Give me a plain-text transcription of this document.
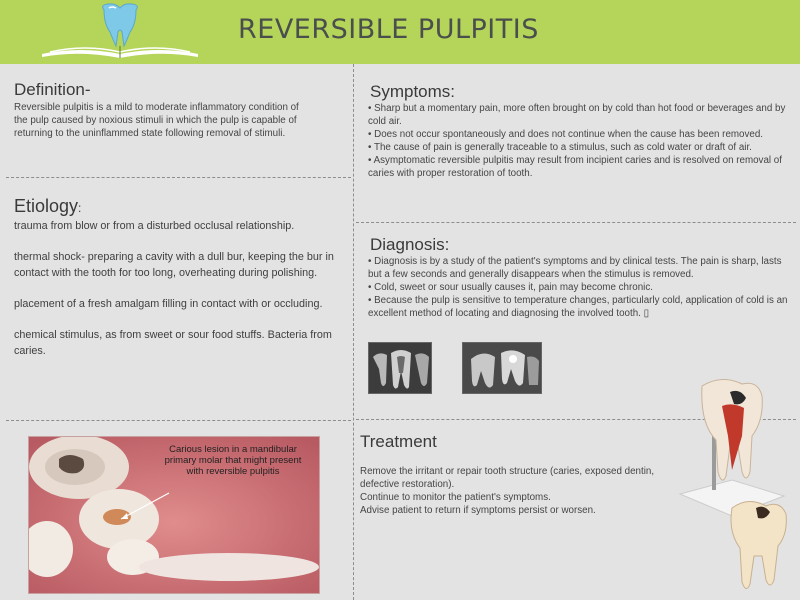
REVERSIBLE PULPITIS
Definition-
Reversible pulpitis is a mild to moderate inflammatory condition of the pulp caused by noxious stimuli in which the pulp is capable of returning to the uninflammed state following removal of stimuli.
Etiology:

trauma from blow or from a disturbed occlusal relationship.

thermal shock- preparing a cavity with a dull bur, keeping the bur in contact with the tooth for too long, overheating during polishing.

placement of a fresh amalgam filling in contact with or occluding.

chemical stimulus, as from sweet or sour food stuffs. Bacteria from caries.

Symptoms:
• Sharp but a momentary pain, more often brought on by cold than hot food or beverages and by cold air.
• Does not occur spontaneously and does not continue when the cause has been removed.
• The cause of pain is generally traceable to a stimulus, such as cold water or draft of air.
• Asymptomatic reversible pulpitis may result from incipient caries and is resolved on removal of caries with proper restoration of tooth.
Diagnosis:
• Diagnosis is by a study of the patient's symptoms and by clinical tests. The pain is sharp, lasts but a few seconds and generally disappears when the stimulus is removed.
• Cold, sweet or sour usually causes it, pain may become chronic.
• Because the pulp is sensitive to temperature changes, particularly cold, application of cold is an excellent method of locating and diagnosing the involved tooth. ▯
Carious lesion in a mandibular primary molar that might present with reversible pulpitis
Treatment
Remove the irritant or repair tooth structure (caries, exposed dentin, defective restoration).
Continue to monitor the patient's symptoms.
Advise patient to return if symptoms persist or worsen.
